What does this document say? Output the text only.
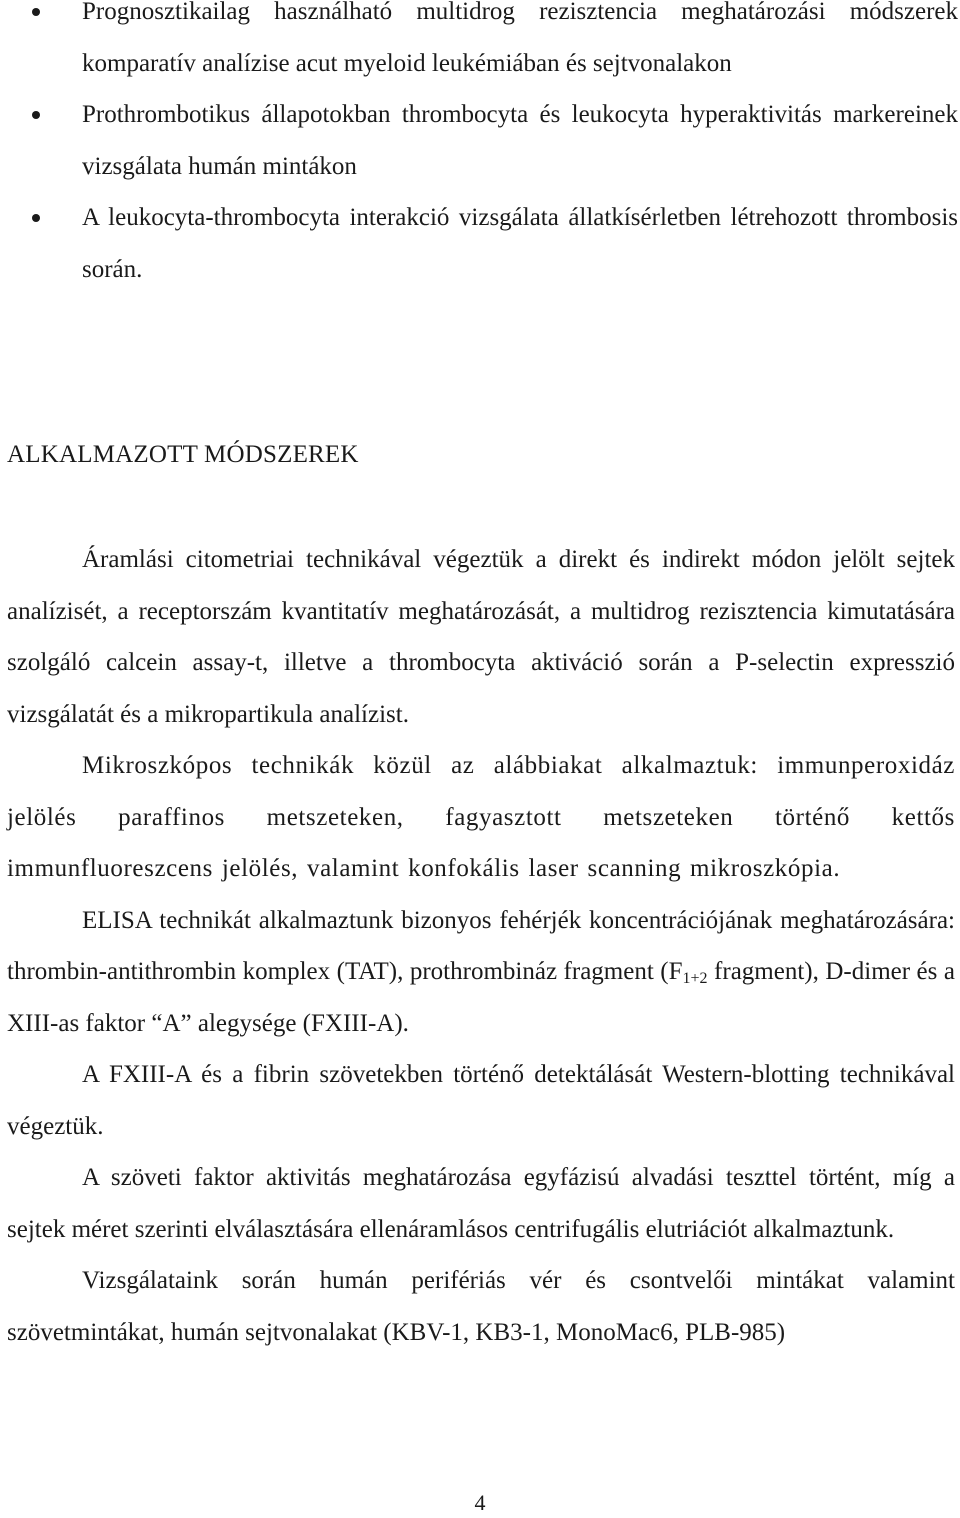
Prognosztikailag használható multidrog rezisztencia meghatározási módszerek komparatív analízise acut myeloid leukémiában és sejtvonalakon
Prothrombotikus állapotokban thrombocyta és leukocyta hyperaktivitás markereinek vizsgálata humán mintákon
A leukocyta-thrombocyta interakció vizsgálata állatkísérletben létrehozott thrombosis során.
ALKALMAZOTT MÓDSZEREK

Áramlási citometriai technikával végeztük a direkt és indirekt módon jelölt sejtek analízisét, a receptorszám kvantitatív meghatározását, a multidrog rezisztencia kimutatására szolgáló calcein assay-t, illetve a thrombocyta aktiváció során a P-selectin expresszió vizsgálatát és a mikropartikula analízist.

Mikroszkópos technikák közül az alábbiakat alkalmaztuk: immunperoxidáz jelölés paraffinos metszeteken, fagyasztott metszeteken történő kettős immunfluoreszcens jelölés, valamint konfokális laser scanning mikroszkópia.

ELISA technikát alkalmaztunk bizonyos fehérjék koncentrációjának meghatározására: thrombin-antithrombin komplex (TAT), prothrombináz fragment ($F_{1+2}$ fragment), D-dimer és a XIII-as faktor “A” alegysége (FXIII-A).

A FXIII-A és a fibrin szövetekben történő detektálását Western-blotting technikával végeztük.

A szöveti faktor aktivitás meghatározása egyfázisú alvadási teszttel történt, míg a sejtek méret szerinti elválasztására ellenáramlásos centrifugális elutriációt alkalmaztunk.

Vizsgálataink során humán perifériás vér és csontvelői mintákat valamint szövetmintákat, humán sejtvonalakat (KBV-1, KB3-1, MonoMac6, PLB-985)

4
